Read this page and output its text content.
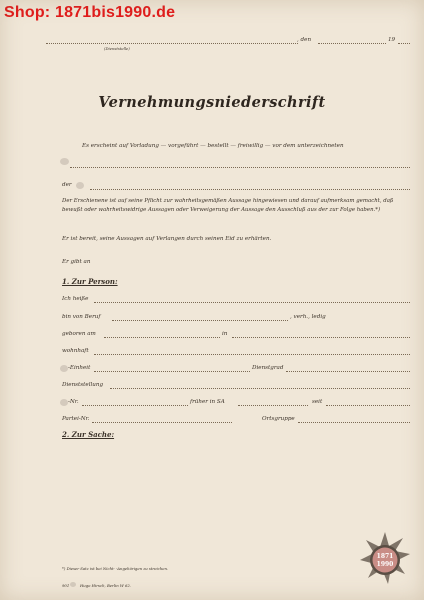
Shop: 1871bis1990.de
(Dienststelle)
, den	19
Vernehmungsniederschrift
Es erscheint auf Vorladung — vorgeführt — bestellt — freiwillig — vor dem unterzeichneten
der
Der Erschienene ist auf seine Pflicht zur wahrheitsgemäßen Aussage hingewiesen und darauf aufmerksam gemacht, daß bewußt oder wahrheitswidrige Aussagen oder Verweigerung der Aussage den Ausschluß aus der zur Folge haben.*)
Er ist bereit, seine Aussagen auf Verlangen durch seinen Eid zu erhärten.
Er gibt an
1. Zur Person:
Ich heiße
bin von Beruf	, verh., ledig
geboren am	in
wohnhaft
-Einheit	Dienstgrad
Dienststellung
-Nr.	früher in SA	seit
Partei-Nr.	Ortsgruppe
2. Zur Sache:
*) Dieser Satz ist bei Nicht- -Angehörigen zu streichen.
901	Hugo Hirsch, Berlin W 62.
1871
1990
